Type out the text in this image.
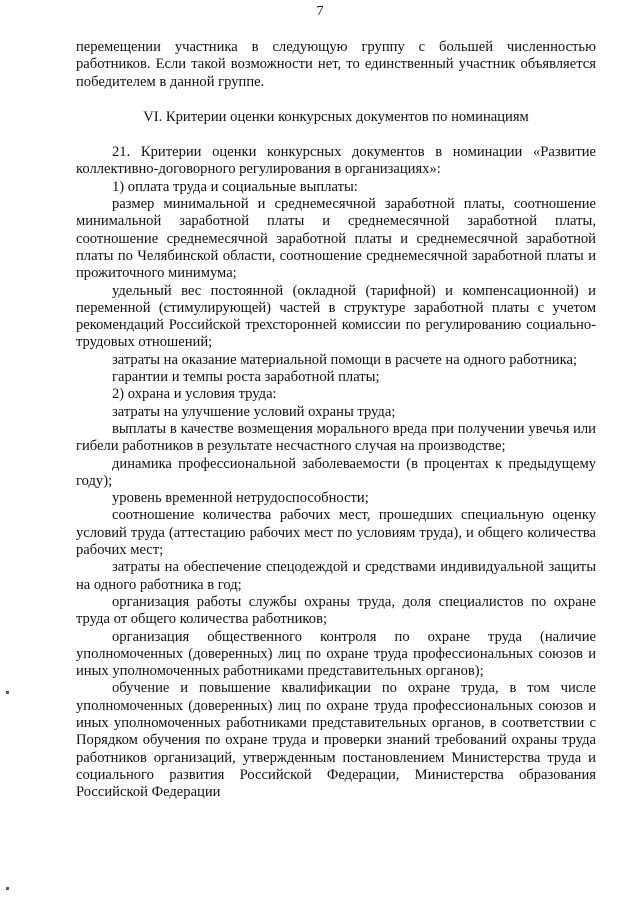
7

перемещении участника в следующую группу с большей численностью работников. Если такой возможности нет, то единственный участник объявляется победителем в данной группе.

VI. Критерии оценки конкурсных документов по номинациям

21. Критерии оценки конкурсных документов в номинации «Развитие коллективно-договорного регулирования в организациях»:

1) оплата труда и социальные выплаты:

размер минимальной и среднемесячной заработной платы, соотношение минимальной заработной платы и среднемесячной заработной платы, соотношение среднемесячной заработной платы и среднемесячной заработной платы по Челябинской области, соотношение среднемесячной заработной платы и прожиточного минимума;

удельный вес постоянной (окладной (тарифной) и компенсационной) и переменной (стимулирующей) частей в структуре заработной платы с учетом рекомендаций Российской трехсторонней комиссии по регулированию социально-трудовых отношений;

затраты на оказание материальной помощи в расчете на одного работника;

гарантии и темпы роста заработной платы;

2) охрана и условия труда:

затраты на улучшение условий охраны труда;

выплаты в качестве возмещения морального вреда при получении увечья или гибели работников в результате несчастного случая на производстве;

динамика профессиональной заболеваемости (в процентах к предыдущему году);

уровень временной нетрудоспособности;

соотношение количества рабочих мест, прошедших специальную оценку условий труда (аттестацию рабочих мест по условиям труда), и общего количества рабочих мест;

затраты на обеспечение спецодеждой и средствами индивидуальной защиты на одного работника в год;

организация работы службы охраны труда, доля специалистов по охране труда от общего количества работников;

организация общественного контроля по охране труда (наличие уполномоченных (доверенных) лиц по охране труда профессиональных союзов и иных уполномоченных работниками представительных органов);

обучение и повышение квалификации по охране труда, в том числе уполномоченных (доверенных) лиц по охране труда профессиональных союзов и иных уполномоченных работниками представительных органов, в соответствии с Порядком обучения по охране труда и проверки знаний требований охраны труда работников организаций, утвержденным постановлением Министерства труда и социального развития Российской Федерации, Министерства образования Российской Федерации
